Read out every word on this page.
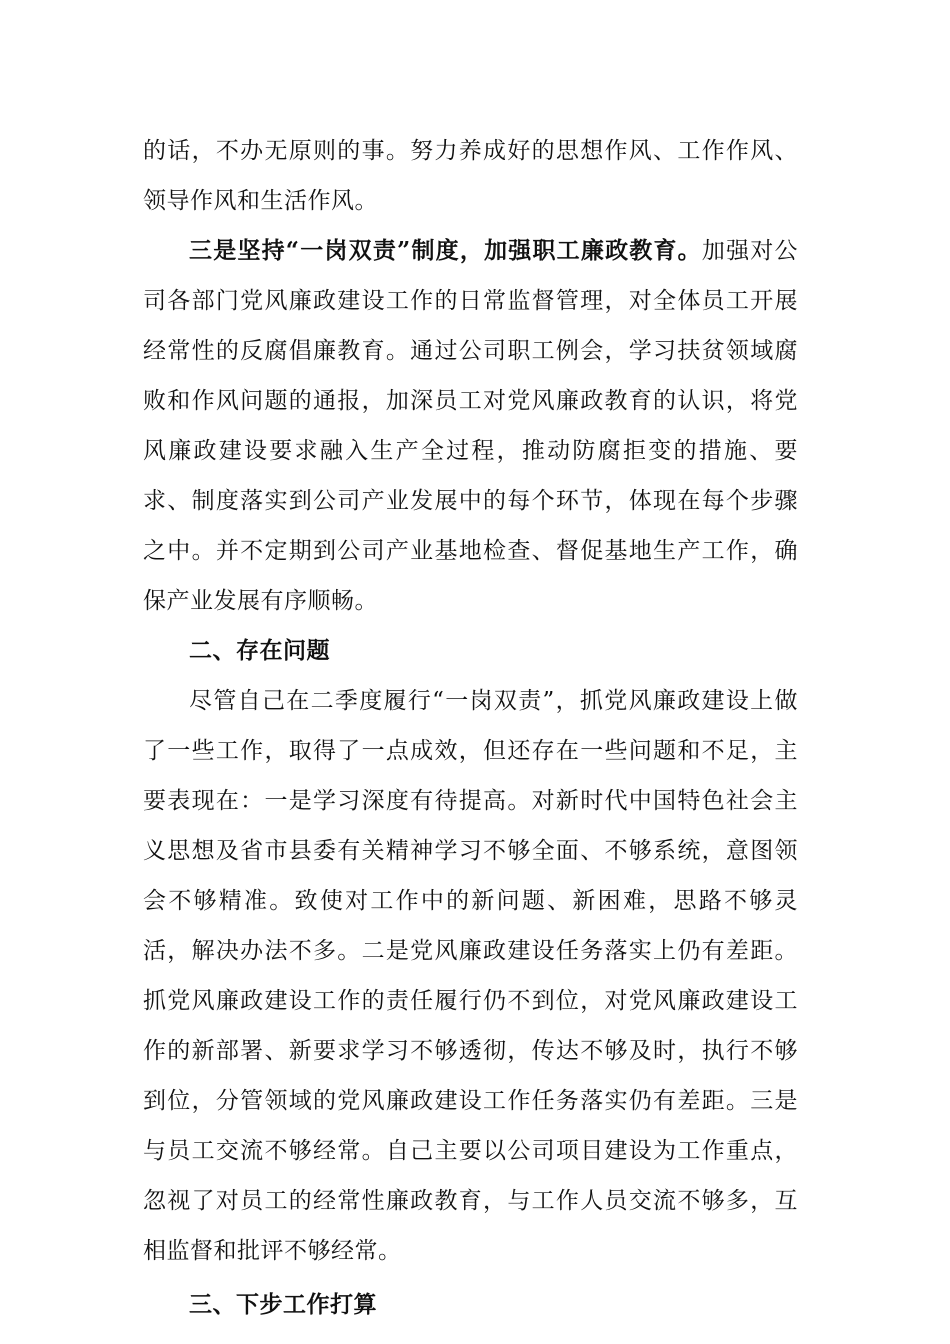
的话，不办无原则的事。努力养成好的思想作风、工作作风、领导作风和生活作风。

三是坚持“一岗双责”制度，加强职工廉政教育。加强对公司各部门党风廉政建设工作的日常监督管理，对全体员工开展经常性的反腐倡廉教育。通过公司职工例会，学习扶贫领域腐败和作风问题的通报，加深员工对党风廉政教育的认识，将党风廉政建设要求融入生产全过程，推动防腐拒变的措施、要求、制度落实到公司产业发展中的每个环节，体现在每个步骤之中。并不定期到公司产业基地检查、督促基地生产工作，确保产业发展有序顺畅。

二、存在问题

尽管自己在二季度履行“一岗双责”，抓党风廉政建设上做了一些工作，取得了一点成效，但还存在一些问题和不足，主要表现在：一是学习深度有待提高。对新时代中国特色社会主义思想及省市县委有关精神学习不够全面、不够系统，意图领会不够精准。致使对工作中的新问题、新困难，思路不够灵活，解决办法不多。二是党风廉政建设任务落实上仍有差距。抓党风廉政建设工作的责任履行仍不到位，对党风廉政建设工作的新部署、新要求学习不够透彻，传达不够及时，执行不够到位，分管领域的党风廉政建设工作任务落实仍有差距。三是与员工交流不够经常。自己主要以公司项目建设为工作重点，忽视了对员工的经常性廉政教育，与工作人员交流不够多，互相监督和批评不够经常。

三、下步工作打算
